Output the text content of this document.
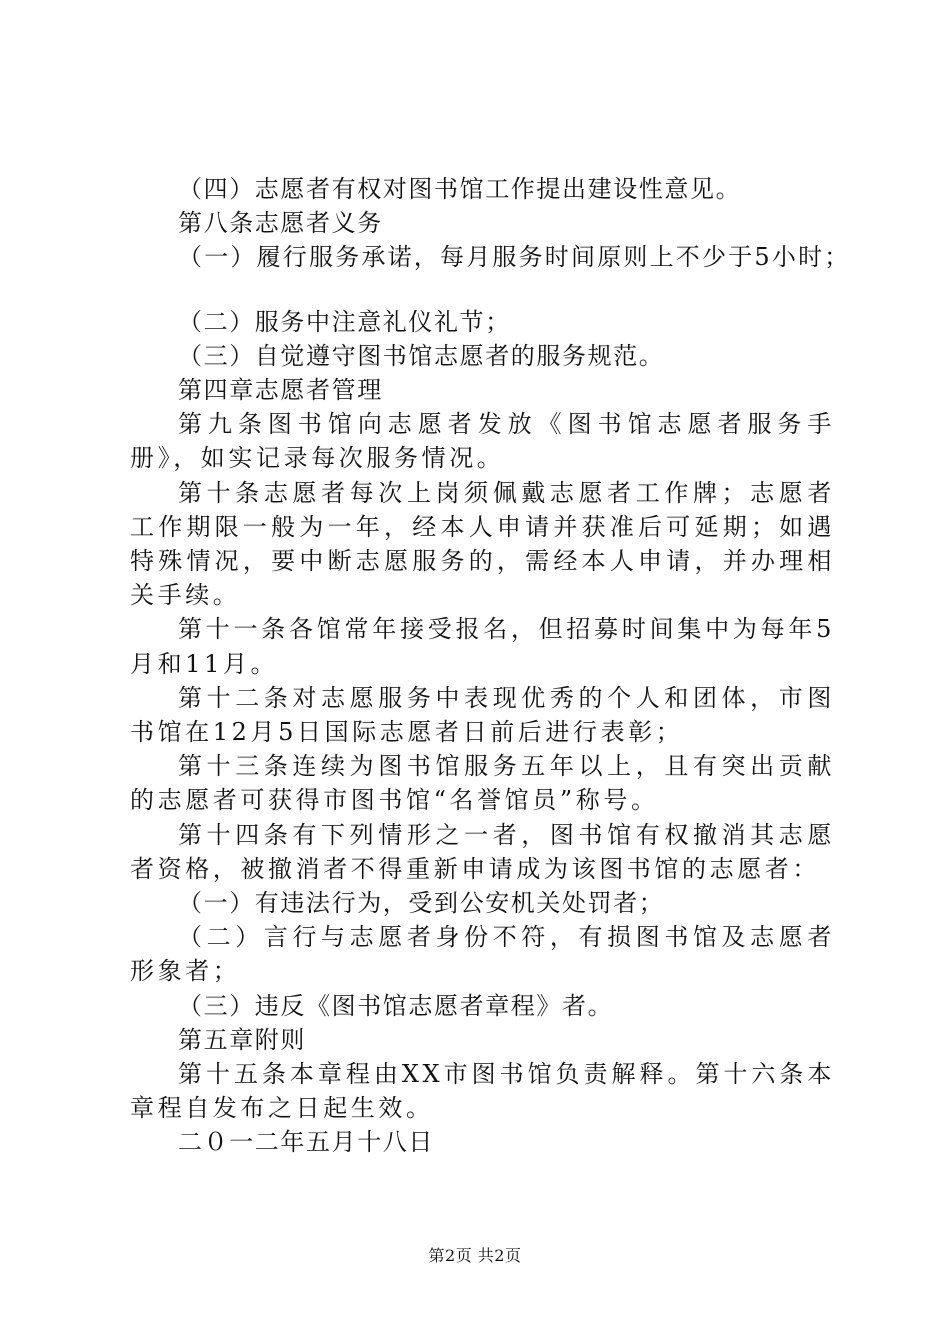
（四）志愿者有权对图书馆工作提出建设性意见。
第八条志愿者义务
（一）履行服务承诺，每月服务时间原则上不少于5小时；
（二）服务中注意礼仪礼节；
（三）自觉遵守图书馆志愿者的服务规范。
第四章志愿者管理

第九条图书馆向志愿者发放《图书馆志愿者服务手册》，如实记录每次服务情况。

第十条志愿者每次上岗须佩戴志愿者工作牌；志愿者工作期限一般为一年，经本人申请并获准后可延期；如遇特殊情况，要中断志愿服务的，需经本人申请，并办理相关手续。

第十一条各馆常年接受报名，但招募时间集中为每年5月和11月。

第十二条对志愿服务中表现优秀的个人和团体，市图书馆在12月5日国际志愿者日前后进行表彰；

第十三条连续为图书馆服务五年以上，且有突出贡献的志愿者可获得市图书馆“名誉馆员”称号。

第十四条有下列情形之一者，图书馆有权撤消其志愿者资格，被撤消者不得重新申请成为该图书馆的志愿者：

（一）有违法行为，受到公安机关处罚者；

（二）言行与志愿者身份不符，有损图书馆及志愿者形象者；

（三）违反《图书馆志愿者章程》者。
第五章附则

第十五条本章程由XX市图书馆负责解释。第十六条本章程自发布之日起生效。

二０一二年五月十八日
第2页 共2页
